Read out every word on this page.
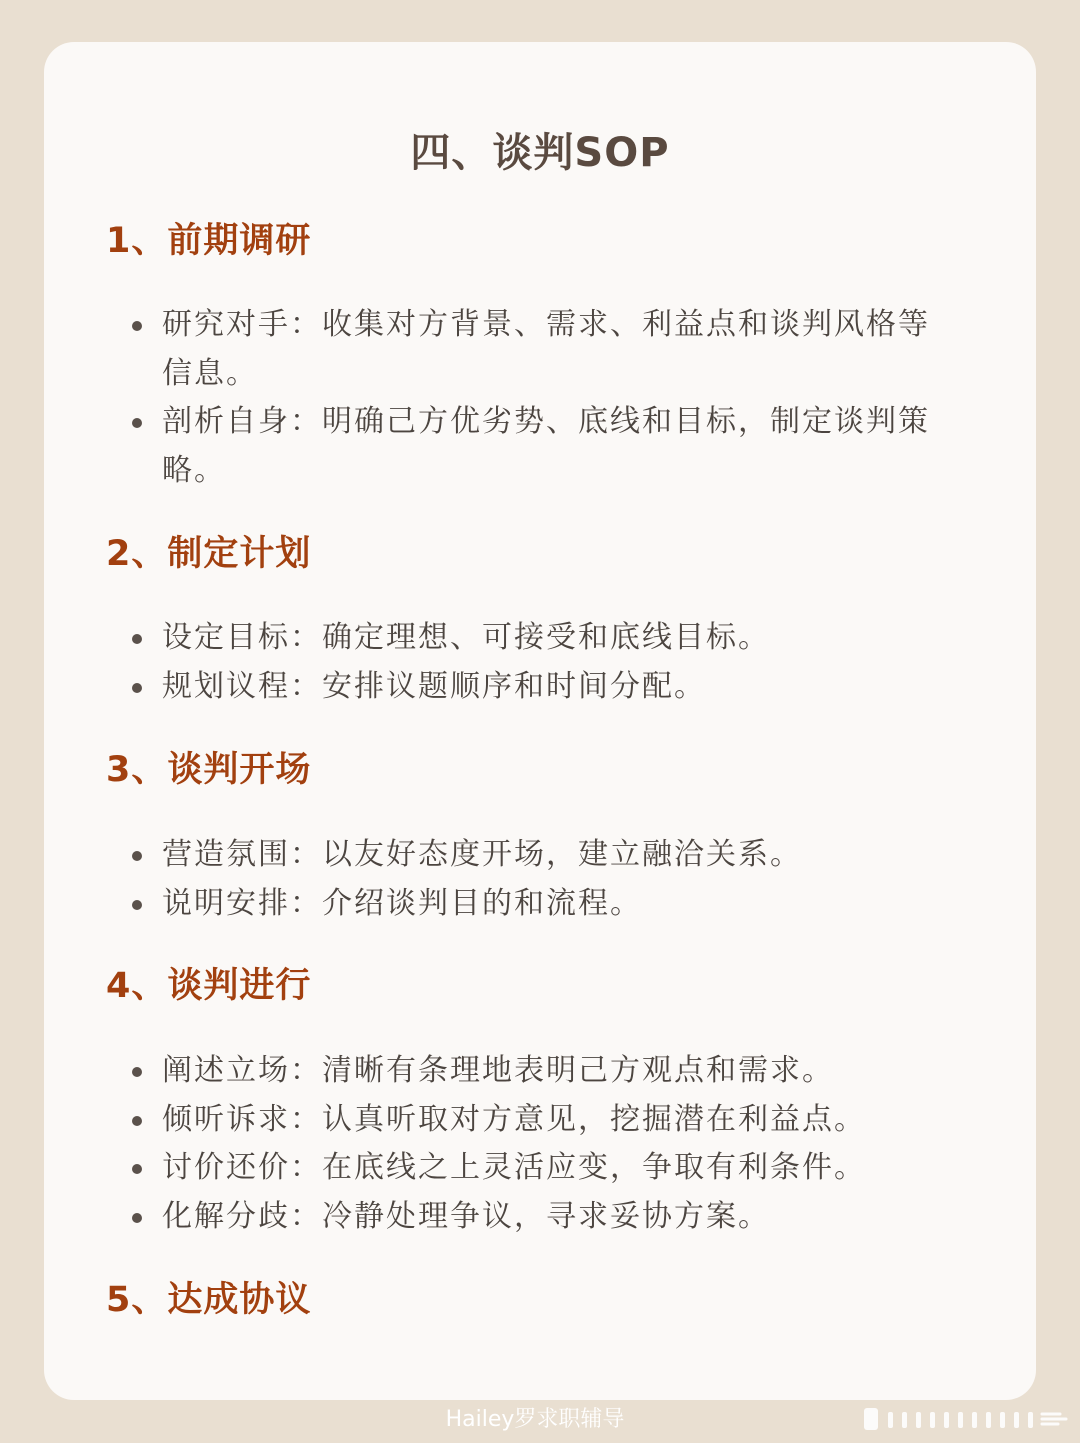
四、谈判SOP
1、前期调研
研究对手：收集对方背景、需求、利益点和谈判风格等信息。
剖析自身：明确己方优劣势、底线和目标，制定谈判策略。
2、制定计划
设定目标：确定理想、可接受和底线目标。
规划议程：安排议题顺序和时间分配。
3、谈判开场
营造氛围：以友好态度开场，建立融洽关系。
说明安排：介绍谈判目的和流程。
4、谈判进行
阐述立场：清晰有条理地表明己方观点和需求。
倾听诉求：认真听取对方意见，挖掘潜在利益点。
讨价还价：在底线之上灵活应变，争取有利条件。
化解分歧：冷静处理争议，寻求妥协方案。
5、达成协议
Hailey罗求职辅导
